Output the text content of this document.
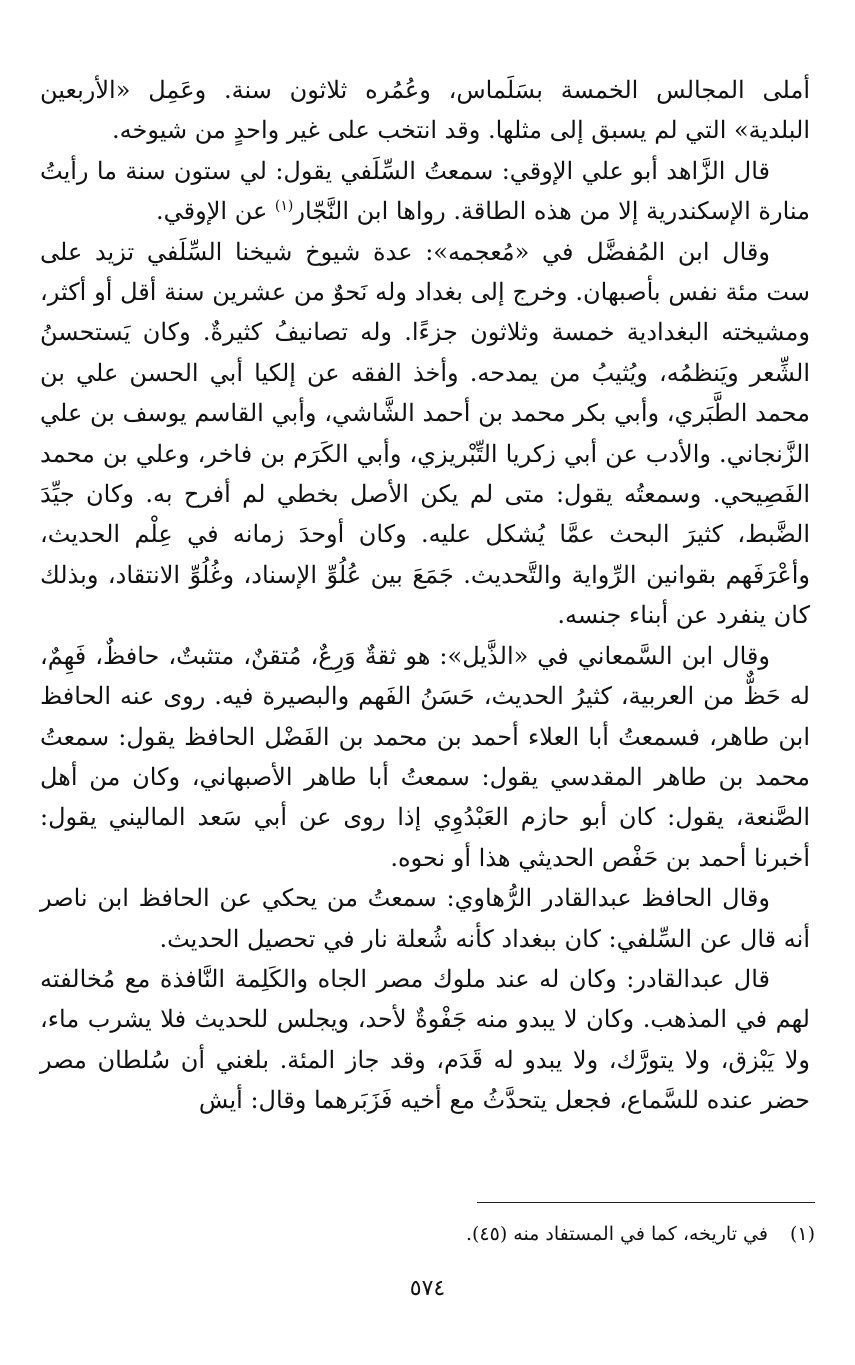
أملى المجالس الخمسة بسَلَماس، وعُمُره ثلاثون سنة. وعَمِل «الأربعين البلدية» التي لم يسبق إلى مثلها. وقد انتخب على غير واحدٍ من شيوخه.

قال الزَّاهد أبو علي الإوقي: سمعتُ السِّلَفي يقول: لي ستون سنة ما رأيتُ منارة الإسكندرية إلا من هذه الطاقة. رواها ابن النَّجّار$^{(١)}$ عن الإوقي.

وقال ابن المُفضَّل في «مُعجمه»: عدة شيوخ شيخنا السِّلَفي تزيد على ست مئة نفس بأصبهان. وخرج إلى بغداد وله نَحوٌ من عشرين سنة أقل أو أكثر، ومشيخته البغدادية خمسة وثلاثون جزءًا. وله تصانيفُ كثيرةٌ. وكان يَستحسنُ الشِّعر ويَنظمُه، ويُثيبُ من يمدحه. وأخذ الفقه عن إلكيا أبي الحسن علي بن محمد الطَّبَري، وأبي بكر محمد بن أحمد الشَّاشي، وأبي القاسم يوسف بن علي الزَّنجاني. والأدب عن أبي زكريا التِّبْريزي، وأبي الكَرَم بن فاخر، وعلي بن محمد الفَصِيحي. وسمعتُه يقول: متى لم يكن الأصل بخطي لم أفرح به. وكان جيِّدَ الضَّبط، كثيرَ البحث عمَّا يُشكل عليه. وكان أوحدَ زمانه في عِلْم الحديث، وأعْرَفَهم بقوانين الرِّواية والتَّحديث. جَمَعَ بين عُلُوِّ الإسناد، وغُلُوِّ الانتقاد، وبذلك كان ينفرد عن أبناء جنسه.

وقال ابن السَّمعاني في «الذَّيل»: هو ثقةٌ وَرِعٌ، مُتقنٌ، متثبتٌ، حافظٌ، فَهِمٌ، له حَظٌّ من العربية، كثيرُ الحديث، حَسَنُ الفَهم والبصيرة فيه. روى عنه الحافظ ابن طاهر، فسمعتُ أبا العلاء أحمد بن محمد بن الفَضْل الحافظ يقول: سمعتُ محمد بن طاهر المقدسي يقول: سمعتُ أبا طاهر الأصبهاني، وكان من أهل الصَّنعة، يقول: كان أبو حازم العَبْدُوِي إذا روى عن أبي سَعد الماليني يقول: أخبرنا أحمد بن حَفْص الحديثي هذا أو نحوه.

وقال الحافظ عبدالقادر الرُّهاوي: سمعتُ من يحكي عن الحافظ ابن ناصر أنه قال عن السِّلفي: كان ببغداد كأنه شُعلة نار في تحصيل الحديث.

قال عبدالقادر: وكان له عند ملوك مصر الجاه والكَلِمة النَّافذة مع مُخالفته لهم في المذهب. وكان لا يبدو منه جَفْوةٌ لأحد، ويجلس للحديث فلا يشرب ماء، ولا يَبْزق، ولا يتورَّك، ولا يبدو له قَدَم، وقد جاز المئة. بلغني أن سُلطان مصر حضر عنده للسَّماع، فجعل يتحدَّثُ مع أخيه فَزَبَرهما وقال: أيش

(١)في تاريخه، كما في المستفاد منه (٤٥).
٥٧٤
